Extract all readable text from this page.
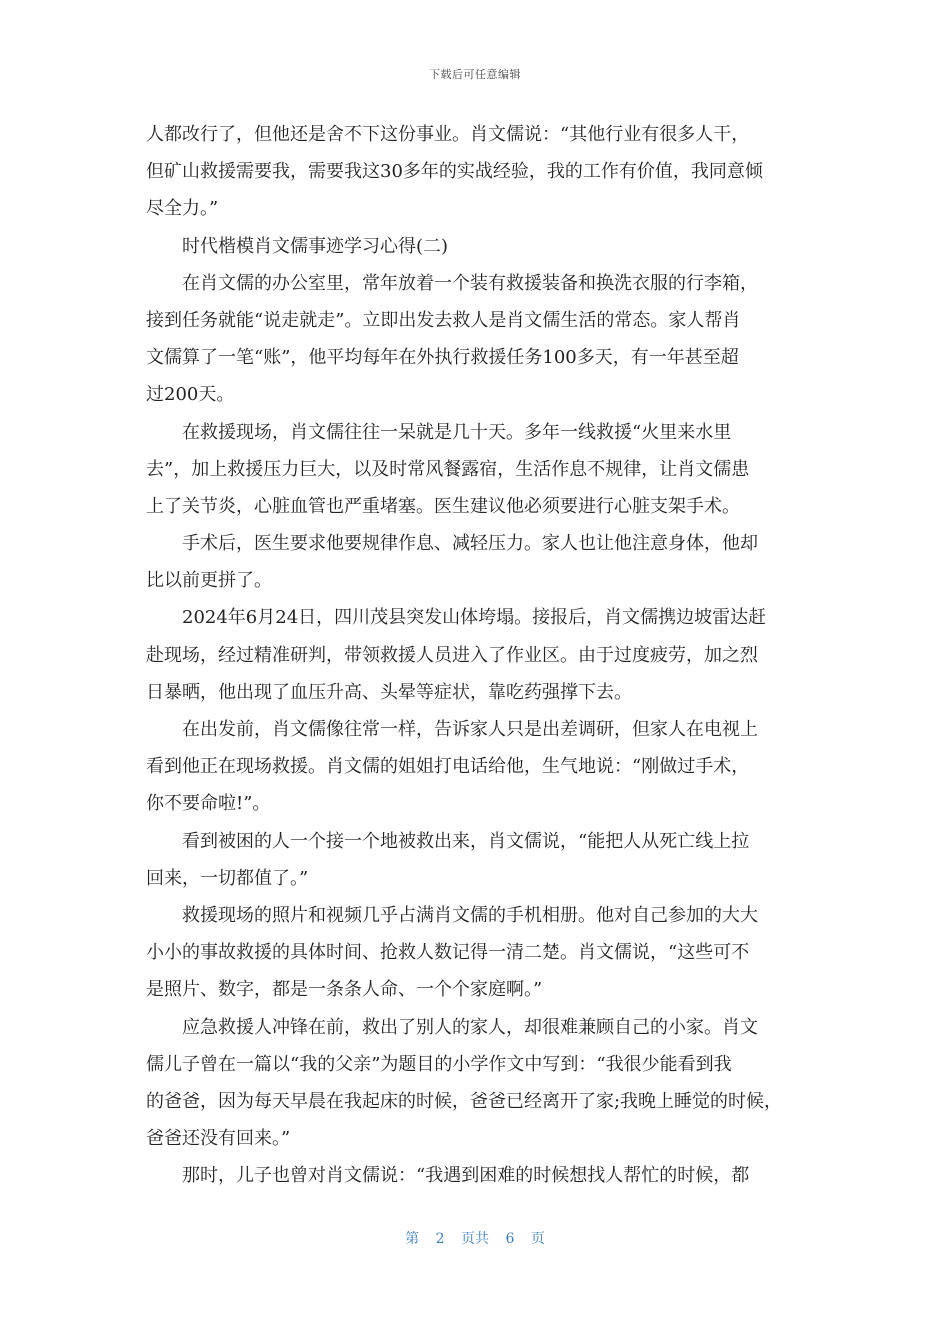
下载后可任意编辑
人都改行了，但他还是舍不下这份事业。肖文儒说：“其他行业有很多人干，
但矿山救援需要我，需要我这30多年的实战经验，我的工作有价值，我同意倾
尽全力。”
时代楷模肖文儒事迹学习心得(二)
在肖文儒的办公室里，常年放着一个装有救援装备和换洗衣服的行李箱，
接到任务就能“说走就走”。立即出发去救人是肖文儒生活的常态。家人帮肖
文儒算了一笔“账”，他平均每年在外执行救援任务100多天，有一年甚至超
过200天。
在救援现场，肖文儒往往一呆就是几十天。多年一线救援“火里来水里
去”，加上救援压力巨大，以及时常风餐露宿，生活作息不规律，让肖文儒患
上了关节炎，心脏血管也严重堵塞。医生建议他必须要进行心脏支架手术。
手术后，医生要求他要规律作息、减轻压力。家人也让他注意身体，他却
比以前更拼了。
2024年6月24日，四川茂县突发山体垮塌。接报后，肖文儒携边坡雷达赶
赴现场，经过精准研判，带领救援人员进入了作业区。由于过度疲劳，加之烈
日暴晒，他出现了血压升高、头晕等症状，靠吃药强撑下去。
在出发前，肖文儒像往常一样，告诉家人只是出差调研，但家人在电视上
看到他正在现场救援。肖文儒的姐姐打电话给他，生气地说：“刚做过手术，
你不要命啦!”。
看到被困的人一个接一个地被救出来，肖文儒说，“能把人从死亡线上拉
回来，一切都值了。”
救援现场的照片和视频几乎占满肖文儒的手机相册。他对自己参加的大大
小小的事故救援的具体时间、抢救人数记得一清二楚。肖文儒说，“这些可不
是照片、数字，都是一条条人命、一个个家庭啊。”
应急救援人冲锋在前，救出了别人的家人，却很难兼顾自己的小家。肖文
儒儿子曾在一篇以“我的父亲”为题目的小学作文中写到：“我很少能看到我
的爸爸，因为每天早晨在我起床的时候，爸爸已经离开了家;我晚上睡觉的时候，
爸爸还没有回来。”
那时，儿子也曾对肖文儒说：“我遇到困难的时候想找人帮忙的时候，都
第 2 页共 6 页
